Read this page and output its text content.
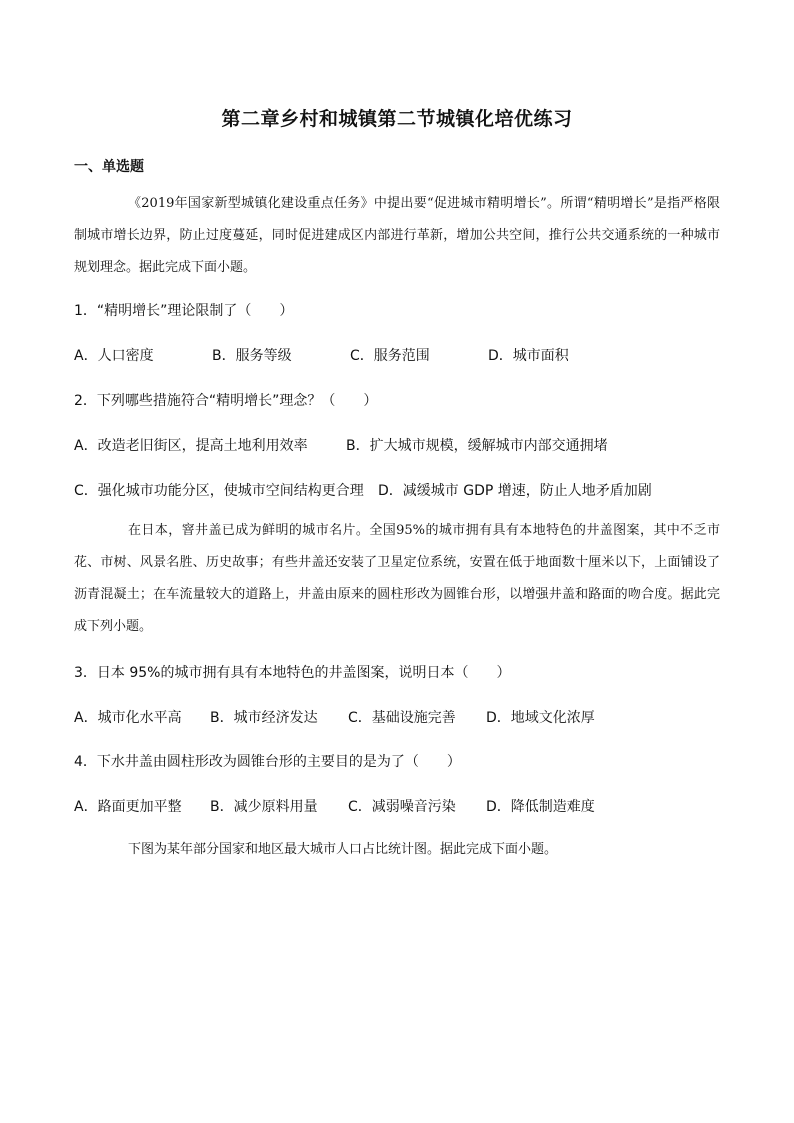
第二章乡村和城镇第二节城镇化培优练习
一、单选题
《2019年国家新型城镇化建设重点任务》中提出要“促进城市精明增长”。所谓“精明增长”是指严格限制城市增长边界，防止过度蔓延，同时促进建成区内部进行革新，增加公共空间，推行公共交通系统的一种城市规划理念。据此完成下面小题。
1．“精明增长”理论限制了（　　）
A．人口密度	B．服务等级	C．服务范围	D．城市面积
2．下列哪些措施符合“精明增长”理念？（　　）
A．改造老旧街区，提高土地利用效率	B．扩大城市规模，缓解城市内部交通拥堵
C．强化城市功能分区，使城市空间结构更合理 D．减缓城市 GDP 增速，防止人地矛盾加剧
在日本，窨井盖已成为鲜明的城市名片。全国95%的城市拥有具有本地特色的井盖图案，其中不乏市花、市树、风景名胜、历史故事；有些井盖还安装了卫星定位系统，安置在低于地面数十厘米以下，上面铺设了沥青混凝土；在车流量较大的道路上，井盖由原来的圆柱形改为圆锥台形，以增强井盖和路面的吻合度。据此完成下列小题。
3．日本 95%的城市拥有具有本地特色的井盖图案，说明日本（　　）
A．城市化水平高 B．城市经济发达 C．基础设施完善 D．地域文化浓厚
4．下水井盖由圆柱形改为圆锥台形的主要目的是为了（　　）
A．路面更加平整 B．减少原料用量 C．减弱噪音污染 D．降低制造难度
下图为某年部分国家和地区最大城市人口占比统计图。据此完成下面小题。
